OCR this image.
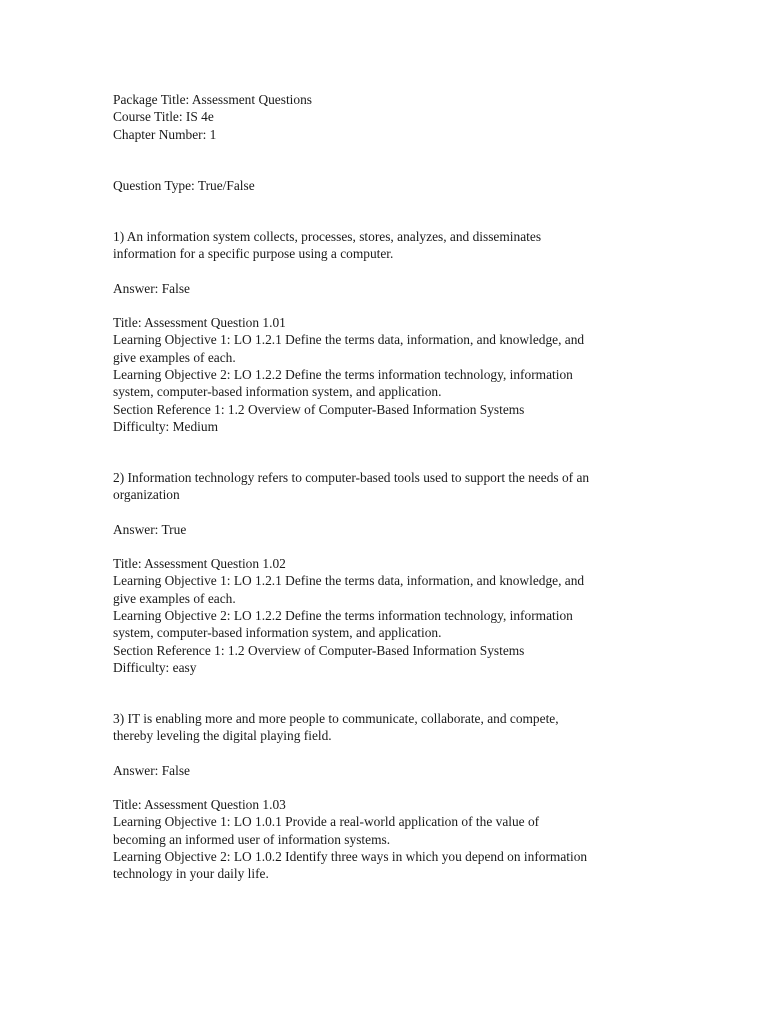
Package Title: Assessment Questions
Course Title: IS 4e
Chapter Number: 1
Question Type: True/False
1) An information system collects, processes, stores, analyzes, and disseminates
information for a specific purpose using a computer.
Answer: False
Title: Assessment Question 1.01
Learning Objective 1: LO 1.2.1 Define the terms data, information, and knowledge, and
give examples of each.
Learning Objective 2: LO 1.2.2 Define the terms information technology, information
system, computer-based information system, and application.
Section Reference 1: 1.2 Overview of Computer-Based Information Systems
Difficulty: Medium
2) Information technology refers to computer-based tools used to support the needs of an
organization
Answer: True
Title: Assessment Question 1.02
Learning Objective 1: LO 1.2.1 Define the terms data, information, and knowledge, and
give examples of each.
Learning Objective 2: LO 1.2.2 Define the terms information technology, information
system, computer-based information system, and application.
Section Reference 1: 1.2 Overview of Computer-Based Information Systems
Difficulty: easy
3) IT is enabling more and more people to communicate, collaborate, and compete,
thereby leveling the digital playing field.
Answer: False
Title: Assessment Question 1.03
Learning Objective 1: LO 1.0.1 Provide a real-world application of the value of
becoming an informed user of information systems.
Learning Objective 2: LO 1.0.2 Identify three ways in which you depend on information
technology in your daily life.
